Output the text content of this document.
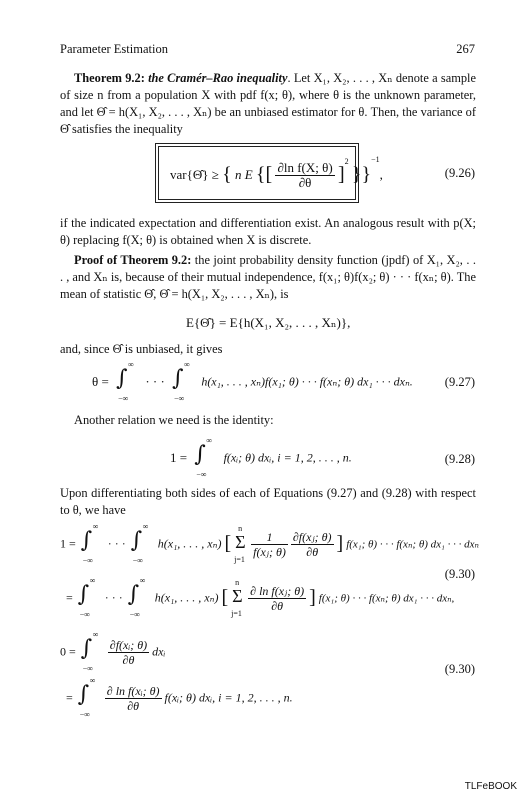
Parameter Estimation	267
Theorem 9.2: the Cramér–Rao inequality. Let X₁, X₂, . . . , Xₙ denote a sample of size n from a population X with pdf f(x; θ), where θ is the unknown parameter, and let Θ̂ = h(X₁, X₂, . . . , Xₙ) be an unbiased estimator for θ. Then, the variance of Θ̂ satisfies the inequality
var{Θ̂} ≥ { n E {[ $\frac{\text{∂ln f(X; θ)}}{\partial\theta} ]^2$ }}$^{-1}$,	(9.26)
if the indicated expectation and differentiation exist. An analogous result with p(X; θ) replacing f(X; θ) is obtained when X is discrete.
Proof of Theorem 9.2: the joint probability density function (jpdf) of X₁, X₂, . . . , and Xₙ is, because of their mutual independence, f(x₁; θ)f(x₂; θ) · · · f(xₙ; θ). The mean of statistic Θ̂, Θ̂ = h(X₁, X₂, . . . , Xₙ), is
E{Θ̂} = E{h(X₁, X₂, . . . , Xₙ)},
and, since Θ̂ is unbiased, it gives
θ = ∫
∞
−∞
· · · ∫
∞
−∞
h(x₁, . . . , xₙ)f(x₁; θ) · · · f(xₙ; θ) dx₁ · · · dxₙ.	(9.27)
Another relation we need is the identity:
1 = ∫
∞
−∞
f(xᵢ; θ) dxᵢ, i = 1, 2, . . . , n.	(9.28)
Upon differentiating both sides of each of Equations (9.27) and (9.28) with respect to θ, we have
1 = ∫
∞
−∞
· · · ∫
∞
−∞
h(x₁, . . . , xₙ) [
n
Σ
j=1

$\frac{1}{\text{f(xⱼ; θ)}}$
$\frac{\text{∂f(xⱼ; θ)}}{\partial\theta}$ ] f(x₁; θ) · · · f(xₙ; θ) dx₁ · · · dxₙ
(9.30)
= ∫
∞
−∞
· · · ∫
∞
−∞
h(x₁, . . . , xₙ) [
n
Σ
j=1

$\frac{\text{∂ ln f(xⱼ; θ)}}{\partial\theta}$ ] f(x₁; θ) · · · f(xₙ; θ) dx₁ · · · dxₙ,
0 = ∫
∞
−∞

$\frac{\text{∂f(xᵢ; θ)}}{\partial\theta}$ dxᵢ
(9.30)
= ∫
∞
−∞

$\frac{\text{∂ ln f(xᵢ; θ)}}{\partial\theta}$ f(xᵢ; θ) dxᵢ, i = 1, 2, . . . , n.
TLFeBOOK
